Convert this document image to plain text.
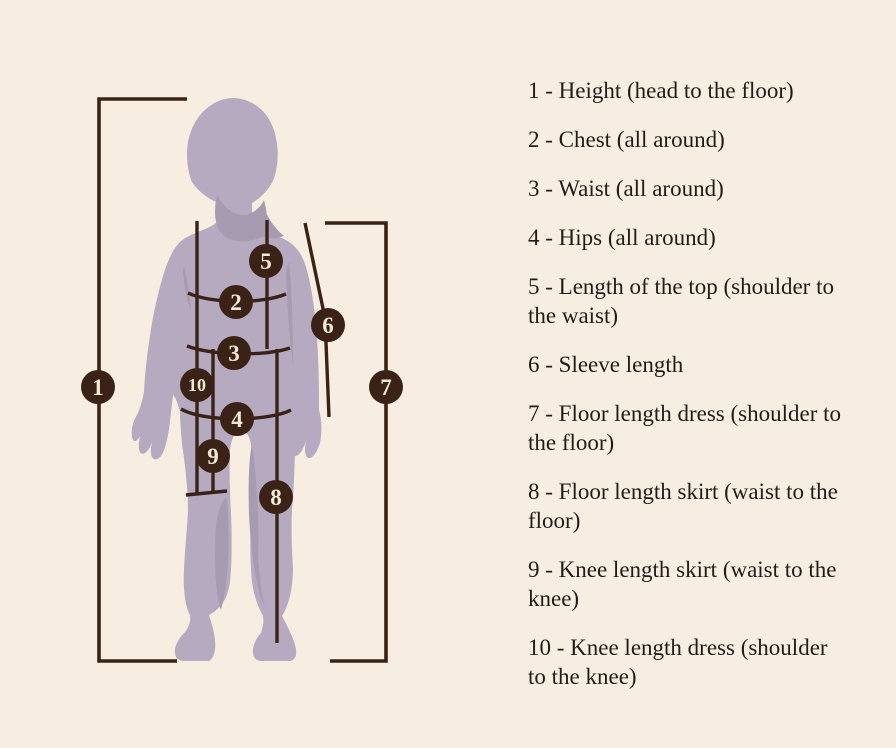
1
2
3
4
5
6
7
8
9
10

1 - Height (head to the floor)

2 - Chest (all around)

3 - Waist (all around)

4 - Hips (all around)

5 - Length of the top (shoulder to
the waist)

6 - Sleeve length

7 - Floor length dress (shoulder to
the floor)

8 - Floor length skirt (waist to the
floor)

9 - Knee length skirt (waist to the
knee)

10 - Knee length dress (shoulder
to the knee)
